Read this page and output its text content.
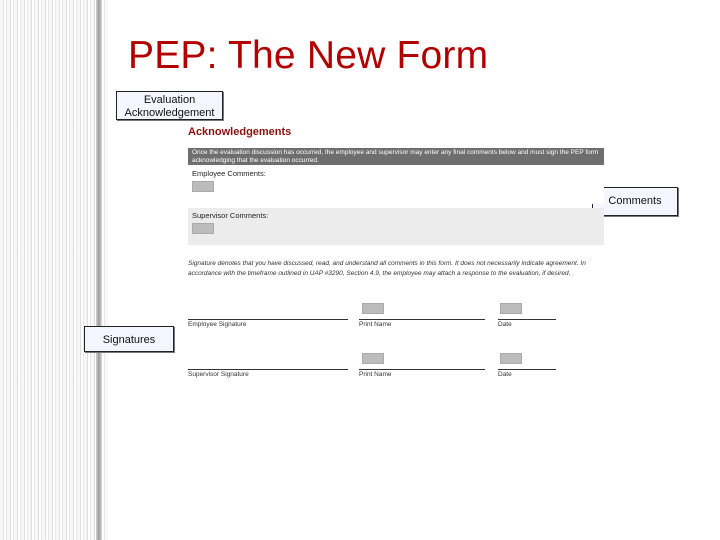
PEP: The New Form
Evaluation Acknowledgement
Comments
Signatures
Acknowledgements
Once the evaluation discussion has occurred, the employee and supervisor may enter any final comments below and must sign the PEP form acknowledging that the evaluation occurred.
Employee Comments:
Supervisor Comments:
Signature denotes that you have discussed, read, and understand all comments in this form. It does not necessarily indicate agreement. In accordance with the timeframe outlined in UAP #3290, Section 4.9, the employee may attach a response to the evaluation, if desired.
Employee Signature	Print Name	Date
Supervisor Signature	Print Name	Date
